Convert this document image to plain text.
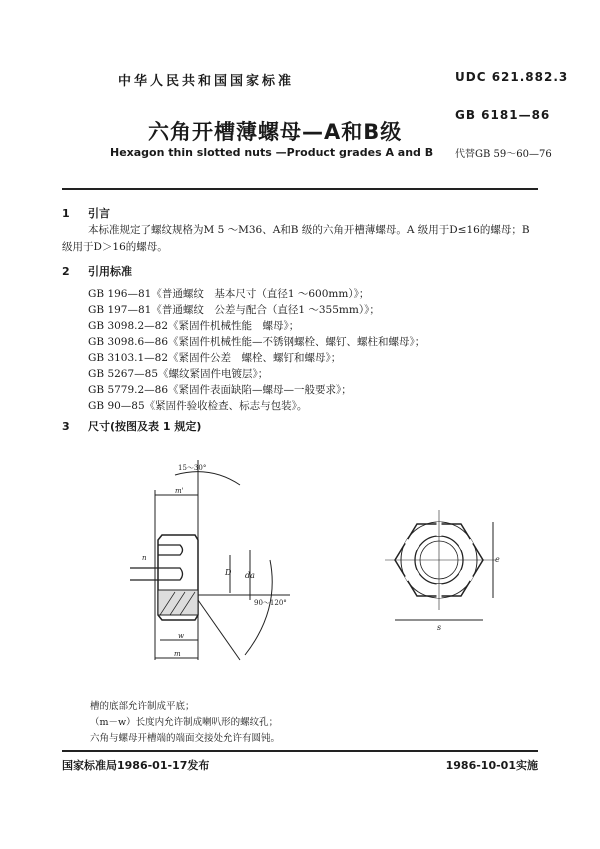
中华人民共和国国家标准	UDC 621.882.3
六角开槽薄螺母—A和B级
GB 6181—86
Hexagon thin slotted nuts —Product grades A and B 代替GB 59～60—76
1 引言
本标准规定了螺纹规格为M 5 ～M36、A和B 级的六角开槽薄螺母。A 级用于D≤16的螺母；B
级用于D＞16的螺母。
2 引用标准
GB 196—81《普通螺纹　基本尺寸（直径1 ～600mm）》；
GB 197—81《普通螺纹　公差与配合（直径1 ～355mm）》；
GB 3098.2—82《紧固件机械性能　螺母》；
GB 3098.6—86《紧固件机械性能—不锈钢螺栓、螺钉、螺柱和螺母》；
GB 3103.1—82《紧固件公差　螺栓、螺钉和螺母》；
GB 5267—85《螺纹紧固件电镀层》；
GB 5779.2—86《紧固件表面缺陷—螺母—一般要求》；
GB 90—85《紧固件验收检查、标志与包装》。
3 尺寸(按图及表 1 规定)
15～30°
m'
90～120°
D da
w
m
n	e
s
槽的底部允许制成平底；
（m－w）长度内允许制成喇叭形的螺纹孔；
六角与螺母开槽端的端面交接处允许有圆钝。
国家标准局1986-01-17发布	1986-10-01实施
